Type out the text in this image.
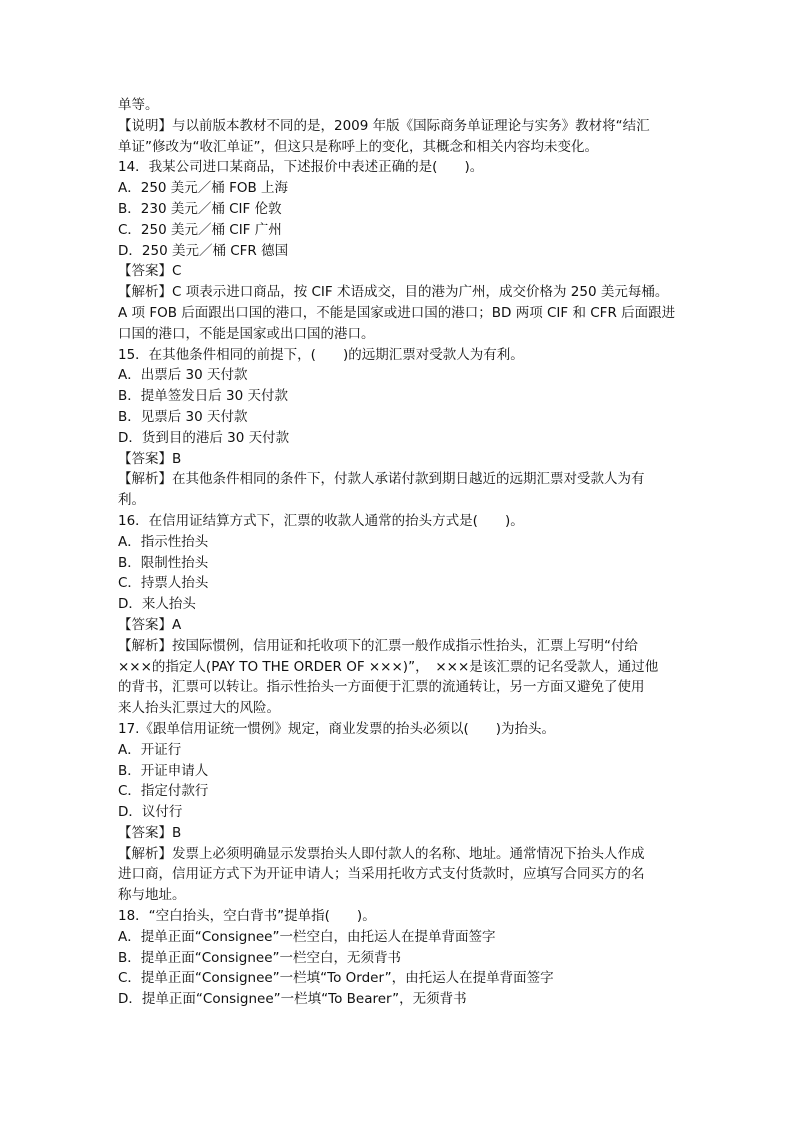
单等。
【说明】与以前版本教材不同的是，2009 年版《国际商务单证理论与实务》教材将“结汇
单证”修改为“收汇单证”，但这只是称呼上的变化，其概念和相关内容均未变化。
14．我某公司进口某商品，下述报价中表述正确的是(　　)。
A．250 美元／桶 FOB 上海
B．230 美元／桶 CIF 伦敦
C．250 美元／桶 CIF 广州
D．250 美元／桶 CFR 德国
【答案】C
【解析】C 项表示进口商品，按 CIF 术语成交，目的港为广州，成交价格为 250 美元每桶。
A 项 FOB 后面跟出口国的港口，不能是国家或进口国的港口；BD 两项 CIF 和 CFR 后面跟进
口国的港口，不能是国家或出口国的港口。
15．在其他条件相同的前提下，(　　)的远期汇票对受款人为有利。
A．出票后 30 天付款
B．提单签发日后 30 天付款
B．见票后 30 天付款
D．货到目的港后 30 天付款
【答案】B
【解析】在其他条件相同的条件下，付款人承诺付款到期日越近的远期汇票对受款人为有
利。
16．在信用证结算方式下，汇票的收款人通常的抬头方式是(　　)。
A．指示性抬头
B．限制性抬头
C．持票人抬头
D．来人抬头
【答案】A
【解析】按国际惯例，信用证和托收项下的汇票一般作成指示性抬头，汇票上写明“付给
×××的指定人(PAY TO THE ORDER OF ×××)”，　×××是该汇票的记名受款人，通过他
的背书，汇票可以转让。指示性抬头一方面便于汇票的流通转让，另一方面又避免了使用
来人抬头汇票过大的风险。
17.《跟单信用证统一惯例》规定，商业发票的抬头必须以(　　)为抬头。
A．开证行
B．开证申请人
C．指定付款行
D．议付行
【答案】B
【解析】发票上必须明确显示发票抬头人即付款人的名称、地址。通常情况下抬头人作成
进口商，信用证方式下为开证申请人；当采用托收方式支付货款时，应填写合同买方的名
称与地址。
18．“空白抬头，空白背书”提单指(　　)。
A．提单正面“Consignee”一栏空白，由托运人在提单背面签字
B．提单正面“Consignee”一栏空白，无须背书
C．提单正面“Consignee”一栏填“To Order”，由托运人在提单背面签字
D．提单正面“Consignee”一栏填“To Bearer”，无须背书
